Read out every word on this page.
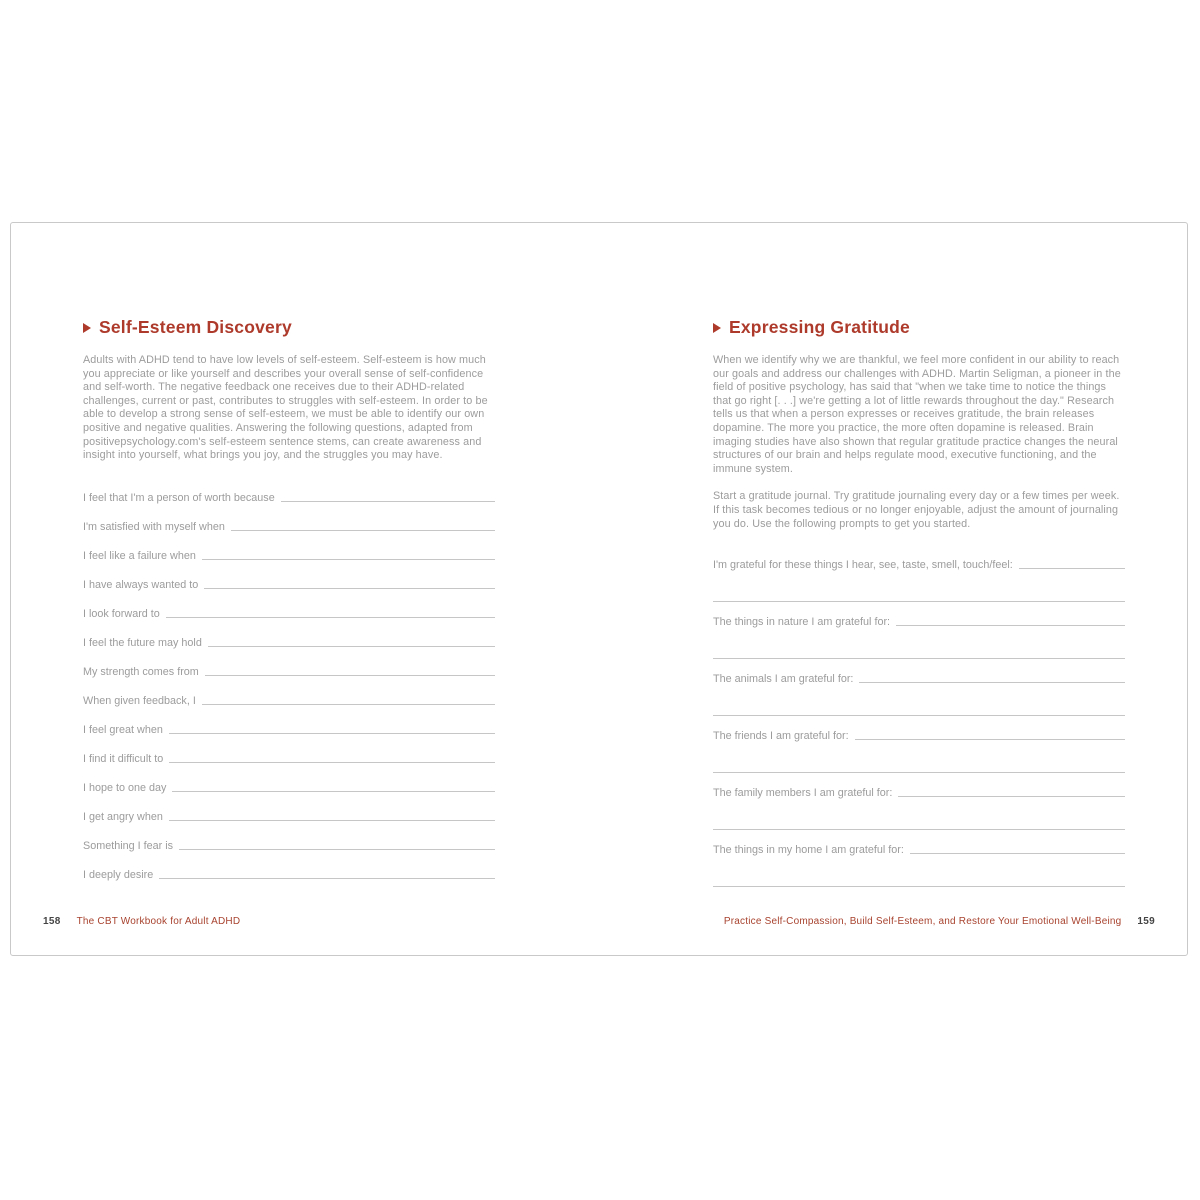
Self-Esteem Discovery
Adults with ADHD tend to have low levels of self-esteem. Self-esteem is how much you appreciate or like yourself and describes your overall sense of self-confidence and self-worth. The negative feedback one receives due to their ADHD-related challenges, current or past, contributes to struggles with self-esteem. In order to be able to develop a strong sense of self-esteem, we must be able to identify our own positive and negative qualities. Answering the following questions, adapted from positivepsychology.com's self-esteem sentence stems, can create awareness and insight into yourself, what brings you joy, and the struggles you may have.
I feel that I'm a person of worth because
I'm satisfied with myself when
I feel like a failure when
I have always wanted to
I look forward to
I feel the future may hold
My strength comes from
When given feedback, I
I feel great when
I find it difficult to
I hope to one day
I get angry when
Something I fear is
I deeply desire
Expressing Gratitude
When we identify why we are thankful, we feel more confident in our ability to reach our goals and address our challenges with ADHD. Martin Seligman, a pioneer in the field of positive psychology, has said that "when we take time to notice the things that go right [. . .] we're getting a lot of little rewards throughout the day." Research tells us that when a person expresses or receives gratitude, the brain releases dopamine. The more you practice, the more often dopamine is released. Brain imaging studies have also shown that regular gratitude practice changes the neural structures of our brain and helps regulate mood, executive functioning, and the immune system.
Start a gratitude journal. Try gratitude journaling every day or a few times per week. If this task becomes tedious or no longer enjoyable, adjust the amount of journaling you do. Use the following prompts to get you started.
I'm grateful for these things I hear, see, taste, smell, touch/feel:
The things in nature I am grateful for:
The animals I am grateful for:
The friends I am grateful for:
The family members I am grateful for:
The things in my home I am grateful for:
158 The CBT Workbook for Adult ADHD	Practice Self-Compassion, Build Self-Esteem, and Restore Your Emotional Well-Being 159
